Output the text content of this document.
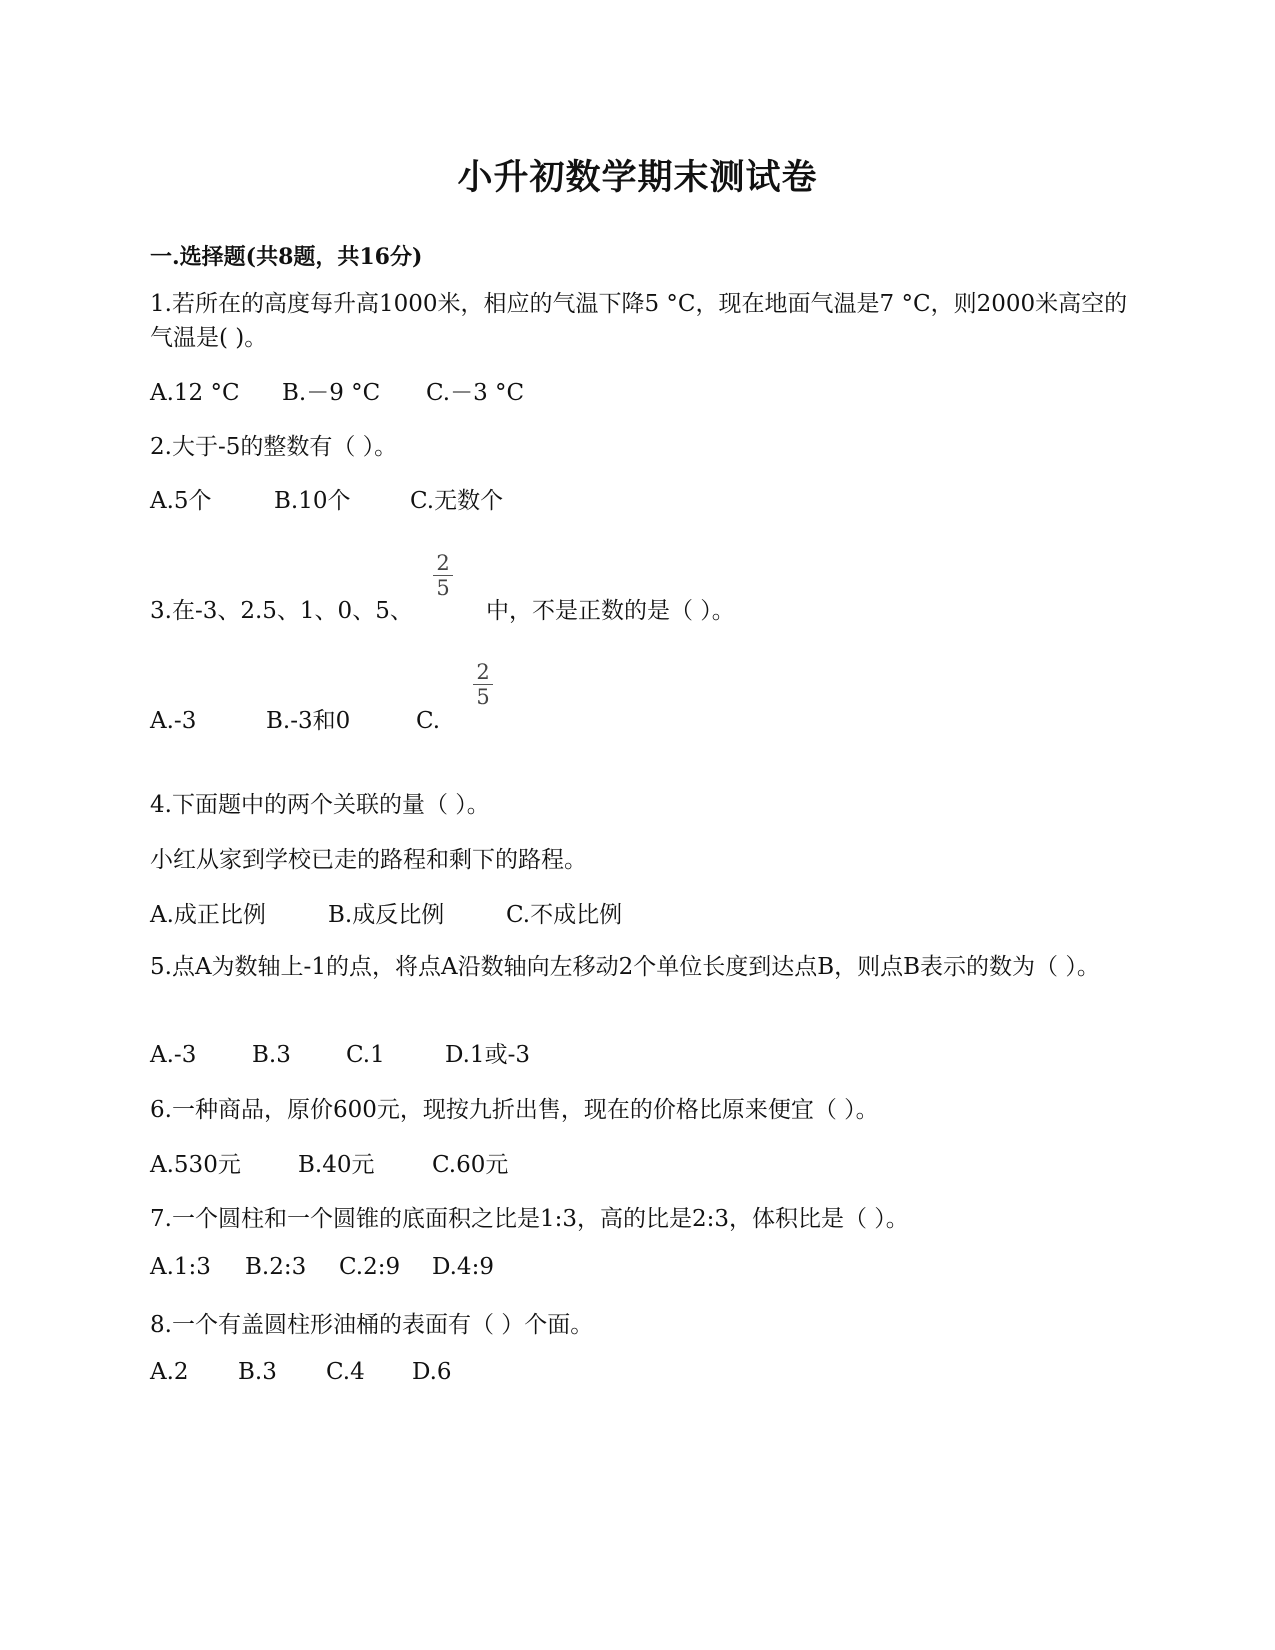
小升初数学期末测试卷
一.选择题(共8题，共16分)
1.若所在的高度每升高1000米，相应的气温下降5 °C，现在地面气温是7 °C，则2000米高空的气温是( )。
A.12 °C B.－9 °C C.－3 °C
2.大于-5的整数有（ ）。
A.5个	B.10个	C.无数个
3.在-3、2.5、1、0、5、
2
5
中，不是正数的是（ ）。
A.-3	B.-3和0	C.
2
5
4.下面题中的两个关联的量（ ）。
小红从家到学校已走的路程和剩下的路程。
A.成正比例	B.成反比例	C.不成比例
5.点A为数轴上-1的点，将点A沿数轴向左移动2个单位长度到达点B，则点B表示的数为（ ）。
A.-3 B.3 C.1	D.1或-3
6.一种商品，原价600元，现按九折出售，现在的价格比原来便宜（ ）。
A.530元 B.40元	C.60元
7.一个圆柱和一个圆锥的底面积之比是1:3，高的比是2:3，体积比是（ ）。
A.1:3 B.2:3 C.2:9 D.4:9
8.一个有盖圆柱形油桶的表面有（ ）个面。
A.2 B.3 C.4 D.6
